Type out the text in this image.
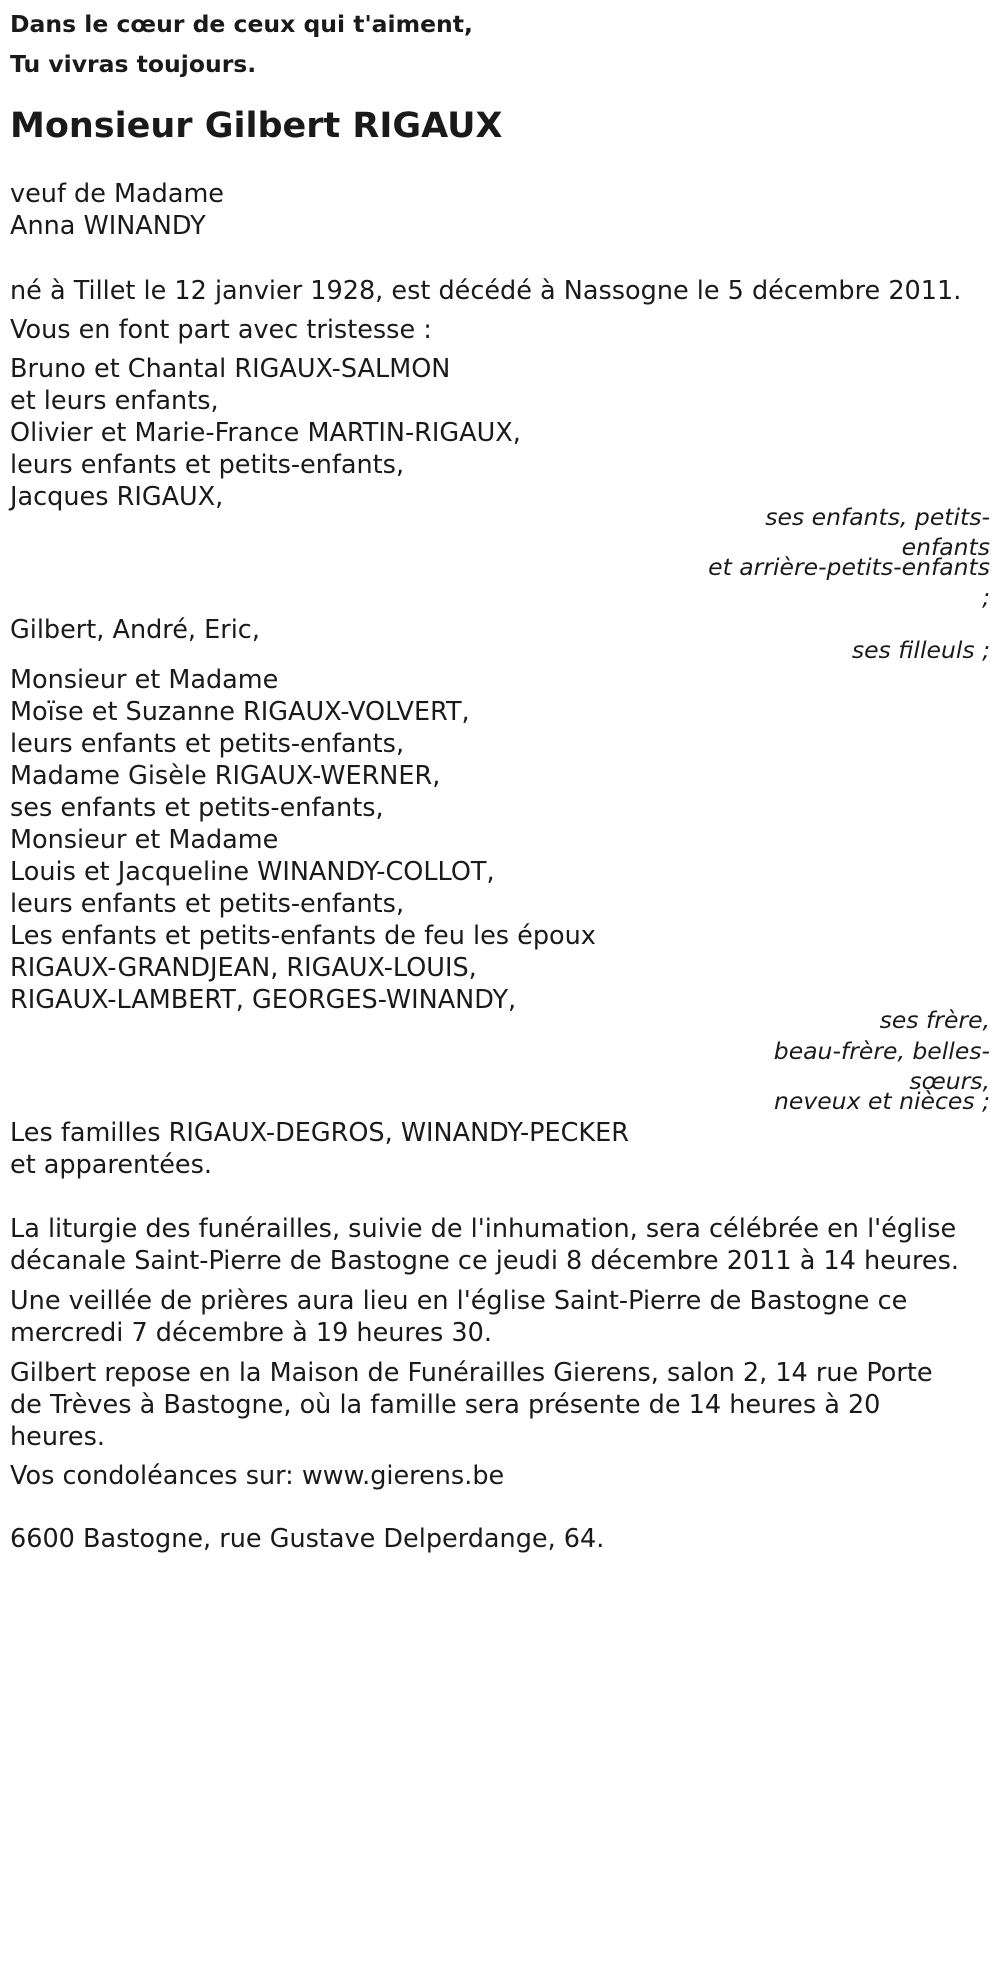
Dans le cœur de ceux qui t'aiment,

Tu vivras toujours.

Monsieur Gilbert RIGAUX

veuf de Madame

Anna WINANDY

né à Tillet le 12 janvier 1928, est décédé à Nassogne le 5 décembre 2011.

Vous en font part avec tristesse :

Bruno et Chantal RIGAUX-SALMON

et leurs enfants,

Olivier et Marie-France MARTIN-RIGAUX,

leurs enfants et petits-enfants,

Jacques RIGAUX,

ses enfants, petits-enfants

et arrière-petits-enfants ;

Gilbert, André, Eric,

ses filleuls ;

Monsieur et Madame

Moïse et Suzanne RIGAUX-VOLVERT,

leurs enfants et petits-enfants,

Madame Gisèle RIGAUX-WERNER,

ses enfants et petits-enfants,

Monsieur et Madame

Louis et Jacqueline WINANDY-COLLOT,

leurs enfants et petits-enfants,

Les enfants et petits-enfants de feu les époux

RIGAUX-GRANDJEAN, RIGAUX-LOUIS,

RIGAUX-LAMBERT, GEORGES-WINANDY,

ses frère,

beau-frère, belles-sœurs,

neveux et nièces ;

Les familles RIGAUX-DEGROS, WINANDY-PECKER

et apparentées.

La liturgie des funérailles, suivie de l'inhumation, sera célébrée en l'église

décanale Saint-Pierre de Bastogne ce jeudi 8 décembre 2011 à 14 heures.

Une veillée de prières aura lieu en l'église Saint-Pierre de Bastogne ce

mercredi 7 décembre à 19 heures 30.

Gilbert repose en la Maison de Funérailles Gierens, salon 2, 14 rue Porte

de Trèves à Bastogne, où la famille sera présente de 14 heures à 20

heures.

Vos condoléances sur: www.gierens.be

6600 Bastogne, rue Gustave Delperdange, 64.
